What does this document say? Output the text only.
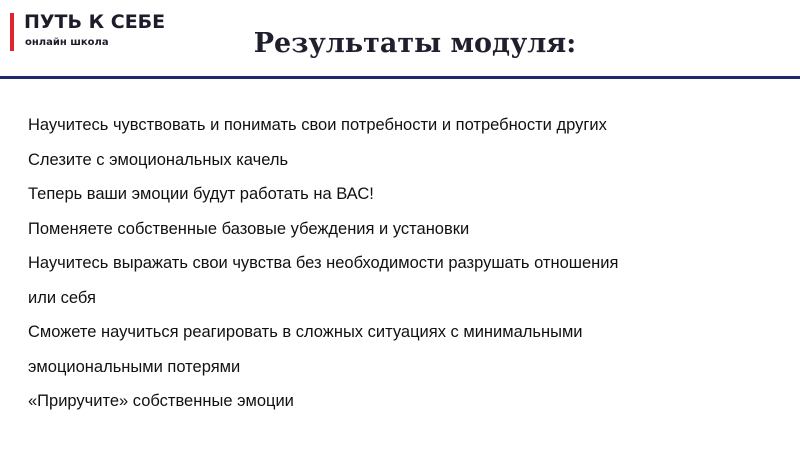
ПУТЬ К СЕБЕ
онлайн школа	Результаты модуля:
Научитесь чувствовать и понимать свои потребности и потребности других
Слезите с эмоциональных качель
Теперь ваши эмоции будут работать на ВАС!
Поменяете собственные базовые убеждения и установки
Научитесь выражать свои чувства без необходимости разрушать отношения
или себя
Сможете научиться реагировать в сложных ситуациях с минимальными
эмоциональными потерями
«Приручите» собственные эмоции
